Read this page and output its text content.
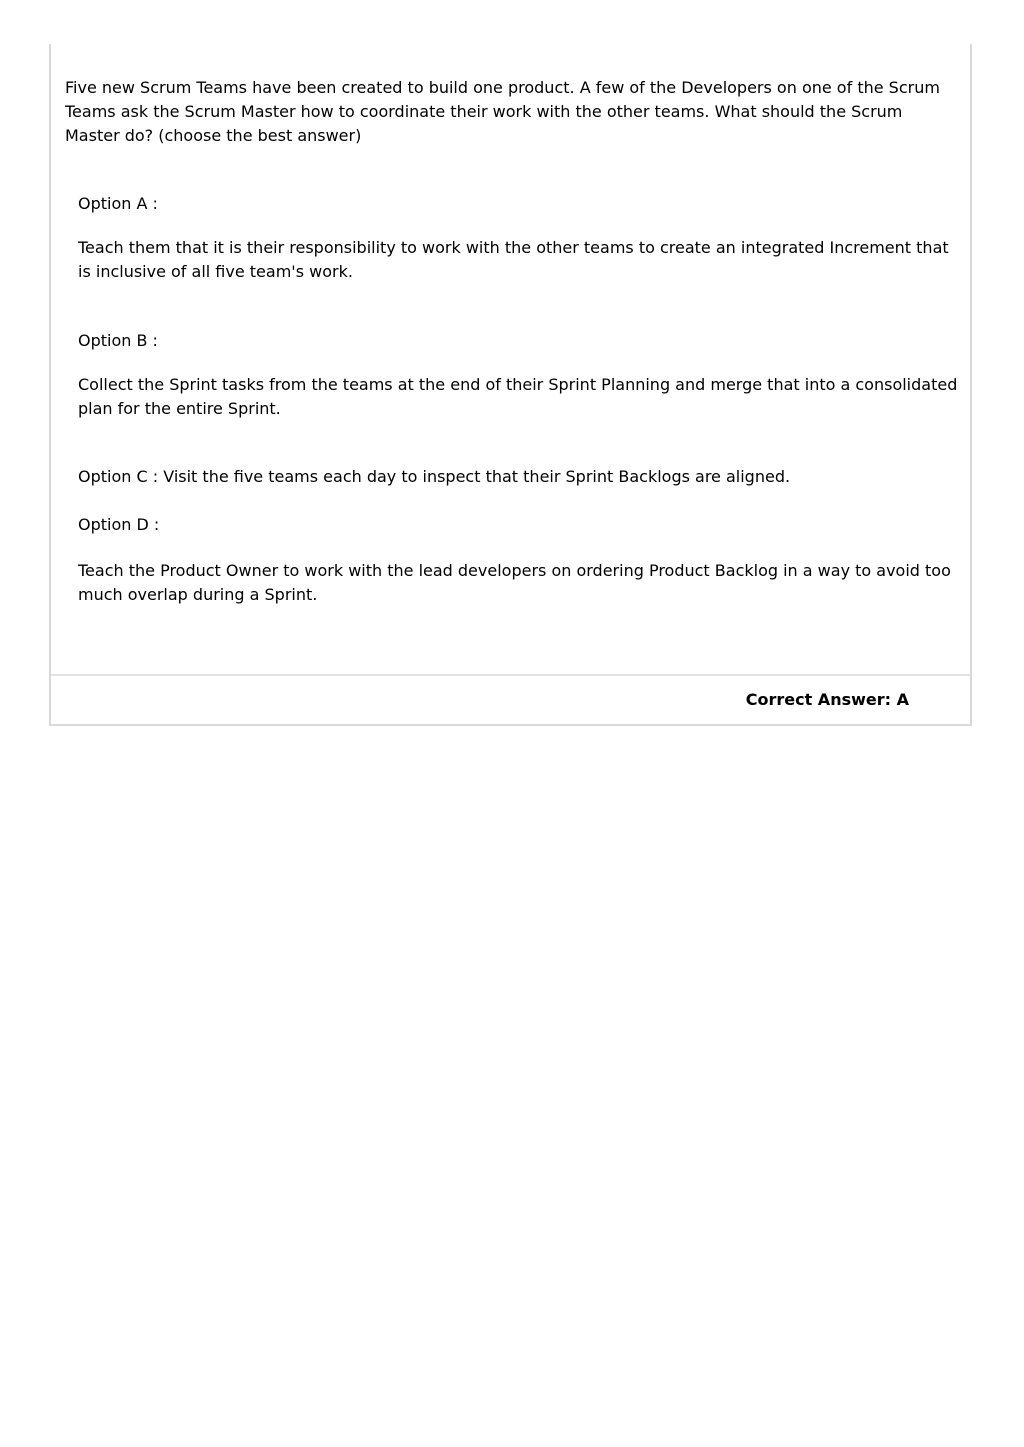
Five new Scrum Teams have been created to build one product. A few of the Developers on one of the Scrum Teams ask the Scrum Master how to coordinate their work with the other teams. What should the Scrum Master do? (choose the best answer)

Option A :

Teach them that it is their responsibility to work with the other teams to create an integrated Increment that is inclusive of all five team's work.

Option B :

Collect the Sprint tasks from the teams at the end of their Sprint Planning and merge that into a consolidated plan for the entire Sprint.

Option C : Visit the five teams each day to inspect that their Sprint Backlogs are aligned.

Option D :

Teach the Product Owner to work with the lead developers on ordering Product Backlog in a way to avoid too much overlap during a Sprint.

Correct Answer: A
